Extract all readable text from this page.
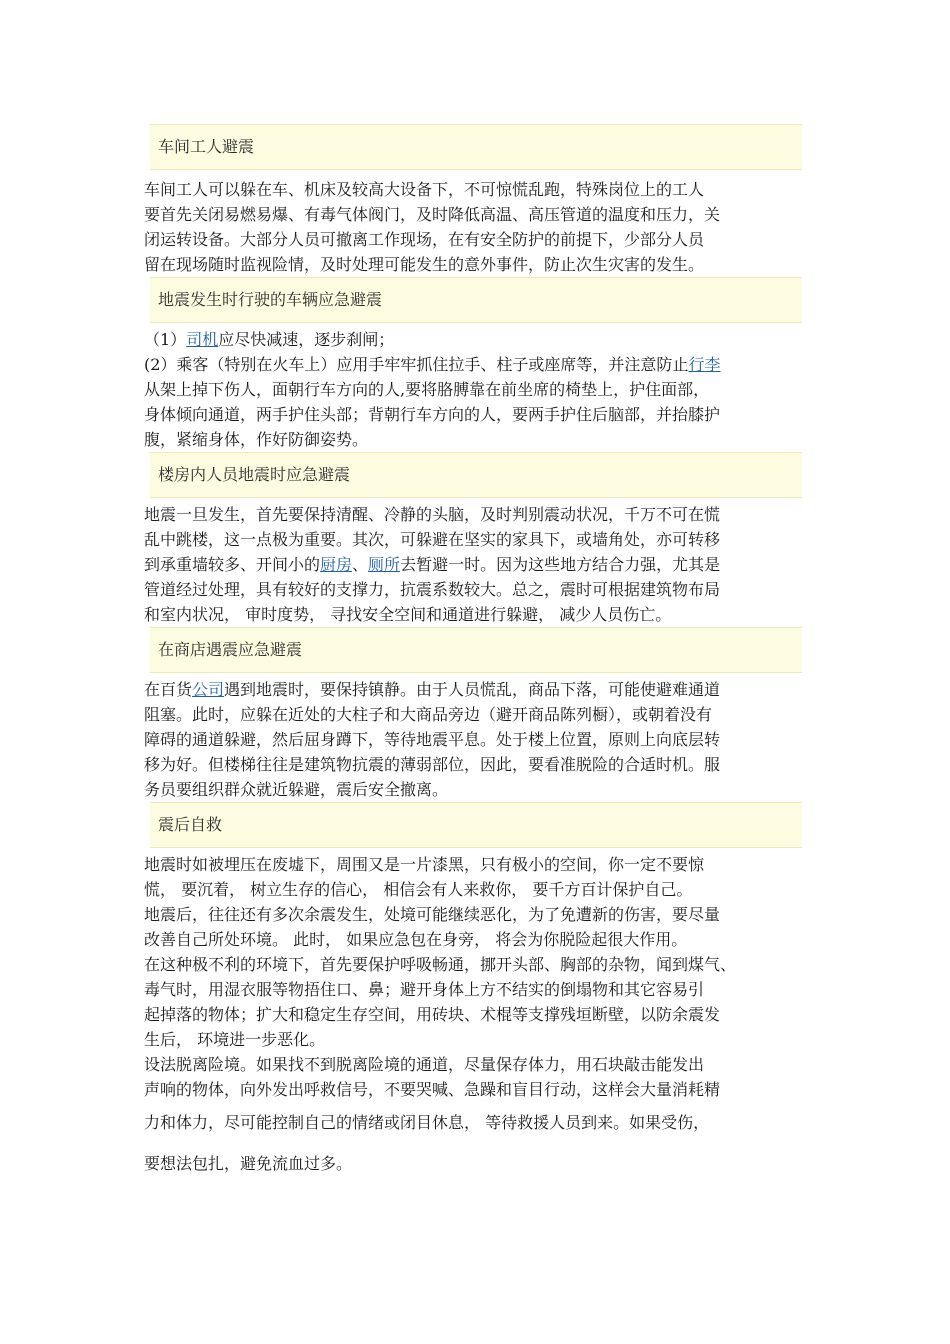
车间工人避震

车间工人可以躲在车、机床及较高大设备下，不可惊慌乱跑，特殊岗位上的工人
要首先关闭易燃易爆、有毒气体阀门，及时降低高温、高压管道的温度和压力，关
闭运转设备。大部分人员可撤离工作现场，在有安全防护的前提下，少部分人员
留在现场随时监视险情，及时处理可能发生的意外事件，防止次生灾害的发生。

地震发生时行驶的车辆应急避震

（1）司机应尽快减速，逐步刹闸；
(2）乘客（特别在火车上）应用手牢牢抓住拉手、柱子或座席等，并注意防止行李
从架上掉下伤人，面朝行车方向的人,要将胳膊靠在前坐席的椅垫上，护住面部，
身体倾向通道，两手护住头部；背朝行车方向的人，要两手护住后脑部，并抬膝护
腹，紧缩身体，作好防御姿势。

楼房内人员地震时应急避震

地震一旦发生，首先要保持清醒、冷静的头脑，及时判别震动状况，千万不可在慌
乱中跳楼，这一点极为重要。其次，可躲避在坚实的家具下，或墙角处，亦可转移
到承重墙较多、开间小的厨房、厕所去暂避一时。因为这些地方结合力强，尤其是
管道经过处理，具有较好的支撑力，抗震系数较大。总之，震时可根据建筑物布局
和室内状况， 审时度势， 寻找安全空间和通道进行躲避， 减少人员伤亡。

在商店遇震应急避震

在百货公司遇到地震时，要保持镇静。由于人员慌乱，商品下落，可能使避难通道
阻塞。此时，应躲在近处的大柱子和大商品旁边（避开商品陈列橱），或朝着没有
障碍的通道躲避，然后屈身蹲下，等待地震平息。处于楼上位置，原则上向底层转
移为好。但楼梯往往是建筑物抗震的薄弱部位，因此，要看准脱险的合适时机。服
务员要组织群众就近躲避，震后安全撤离。

震后自救

地震时如被埋压在废墟下，周围又是一片漆黑，只有极小的空间，你一定不要惊
慌， 要沉着， 树立生存的信心， 相信会有人来救你， 要千方百计保护自己。
地震后，往往还有多次余震发生，处境可能继续恶化，为了免遭新的伤害，要尽量
改善自己所处环境。 此时， 如果应急包在身旁， 将会为你脱险起很大作用。
在这种极不利的环境下，首先要保护呼吸畅通，挪开头部、胸部的杂物，闻到煤气、
毒气时，用湿衣服等物捂住口、鼻；避开身体上方不结实的倒塌物和其它容易引
起掉落的物体；扩大和稳定生存空间，用砖块、术棍等支撑残垣断壁，以防余震发
生后， 环境进一步恶化。
设法脱离险境。如果找不到脱离险境的通道，尽量保存体力，用石块敲击能发出
声响的物体，向外发出呼救信号，不要哭喊、急躁和盲目行动，这样会大量消耗精

力和体力，尽可能控制自己的情绪或闭目休息， 等待救援人员到来。如果受伤，
要想法包扎，避免流血过多。
